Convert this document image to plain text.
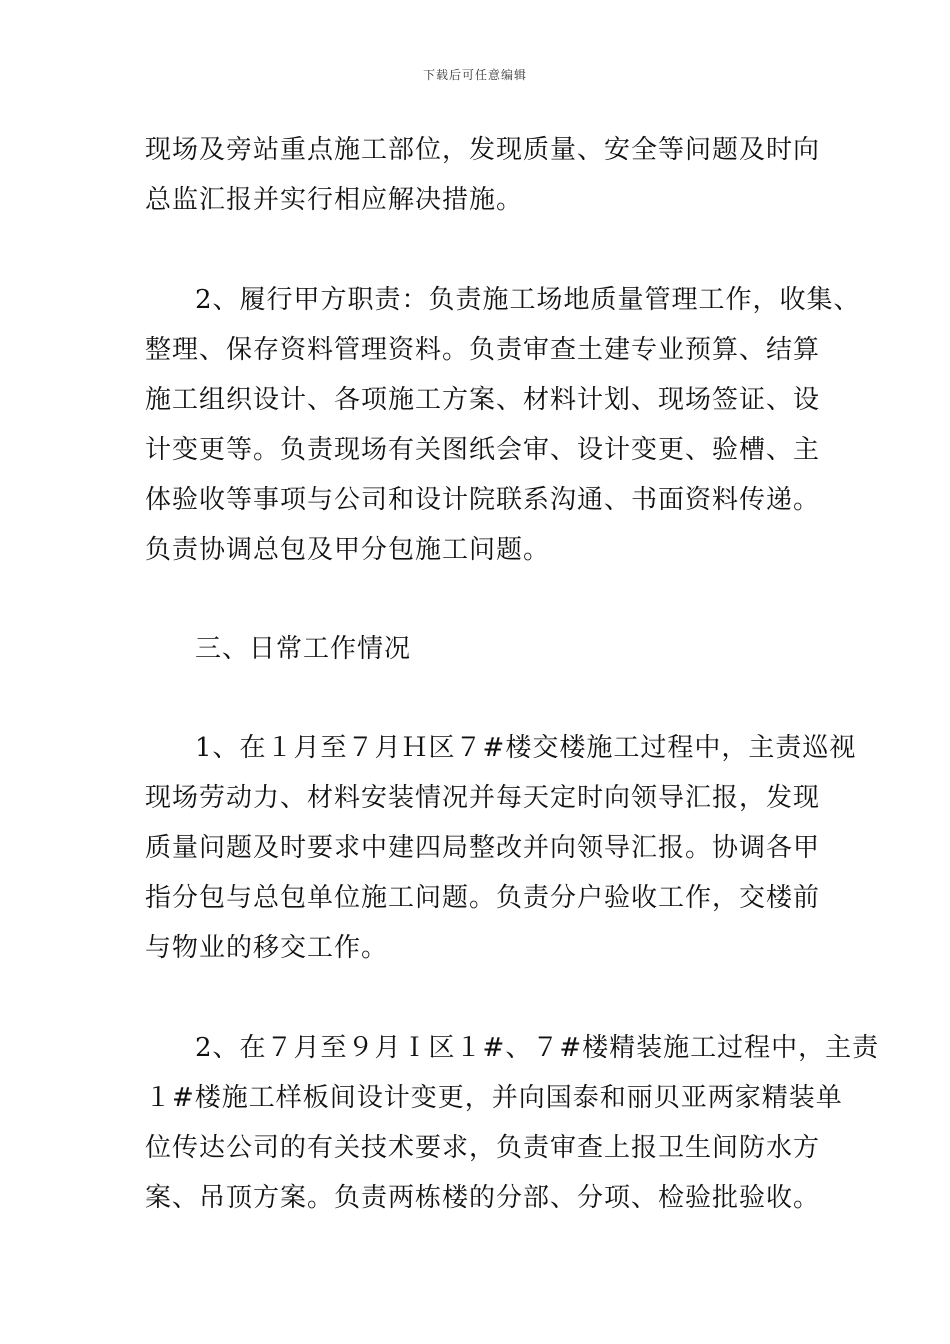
下载后可任意编辑
现场及旁站重点施工部位，发现质量、安全等问题及时向
总监汇报并实行相应解决措施。
2、履行甲方职责：负责施工场地质量管理工作，收集、
整理、保存资料管理资料。负责审查土建专业预算、结算
施工组织设计、各项施工方案、材料计划、现场签证、设
计变更等。负责现场有关图纸会审、设计变更、验槽、主
体验收等事项与公司和设计院联系沟通、书面资料传递。
负责协调总包及甲分包施工问题。
三、日常工作情况
1、在１月至７月Ｈ区７#楼交楼施工过程中，主责巡视
现场劳动力、材料安装情况并每天定时向领导汇报，发现
质量问题及时要求中建四局整改并向领导汇报。协调各甲
指分包与总包单位施工问题。负责分户验收工作，交楼前
与物业的移交工作。
2、在７月至９月Ｉ区１#、７#楼精装施工过程中，主责
１#楼施工样板间设计变更，并向国泰和丽贝亚两家精装单
位传达公司的有关技术要求，负责审查上报卫生间防水方
案、吊顶方案。负责两栋楼的分部、分项、检验批验收。
